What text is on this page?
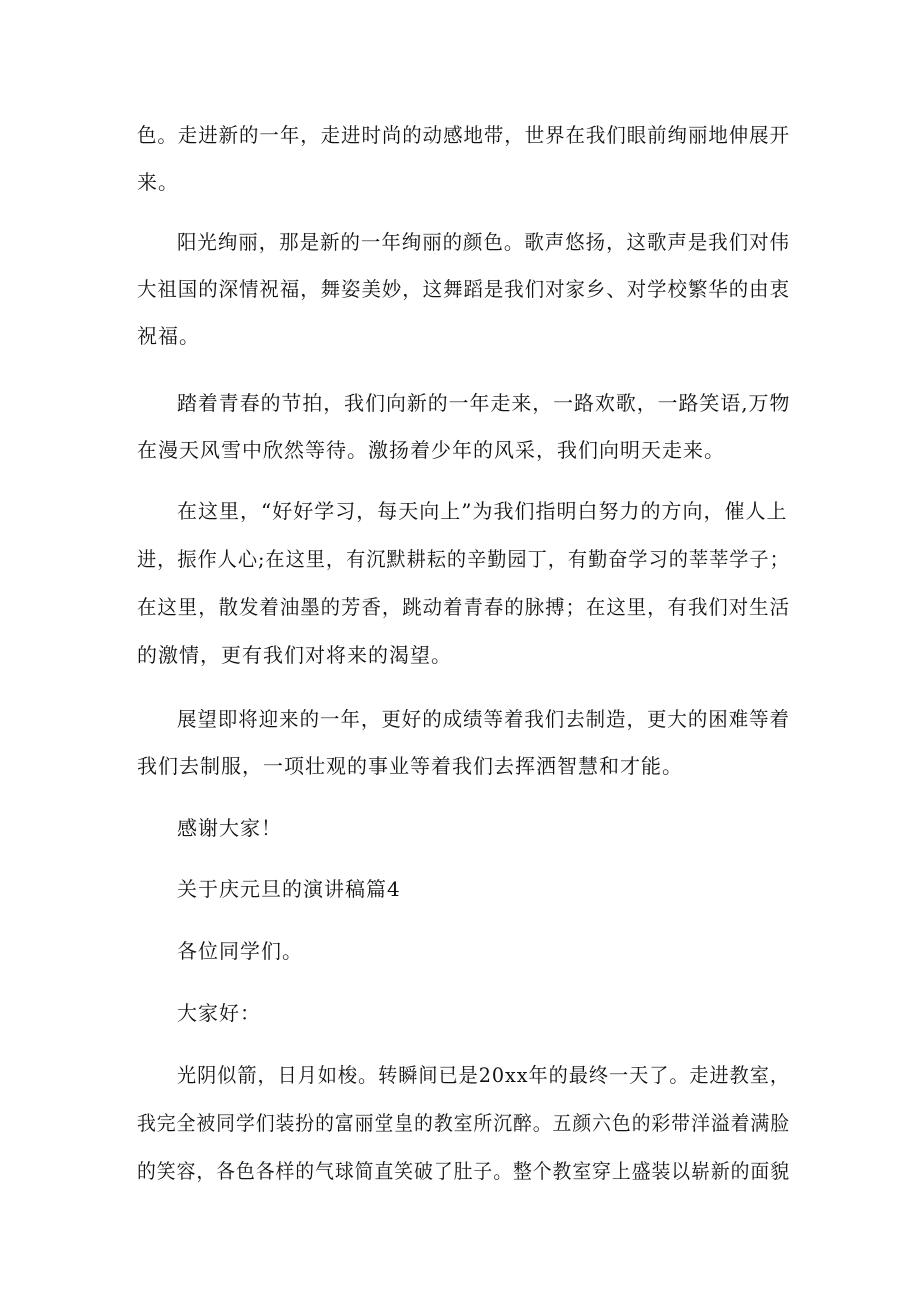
色。走进新的一年，走进时尚的动感地带，世界在我们眼前绚丽地伸展开
来。
阳光绚丽，那是新的一年绚丽的颜色。歌声悠扬，这歌声是我们对伟
大祖国的深情祝福，舞姿美妙，这舞蹈是我们对家乡、对学校繁华的由衷
祝福。
踏着青春的节拍，我们向新的一年走来，一路欢歌，一路笑语,万物
在漫天风雪中欣然等待。激扬着少年的风采，我们向明天走来。
在这里，“好好学习，每天向上”为我们指明白努力的方向，催人上
进，振作人心;在这里，有沉默耕耘的辛勤园丁，有勤奋学习的莘莘学子；
在这里，散发着油墨的芳香，跳动着青春的脉搏；在这里，有我们对生活
的激情，更有我们对将来的渴望。
展望即将迎来的一年，更好的成绩等着我们去制造，更大的困难等着
我们去制服，一项壮观的事业等着我们去挥洒智慧和才能。
感谢大家！
关于庆元旦的演讲稿篇4
各位同学们。
大家好：
光阴似箭，日月如梭。转瞬间已是20xx年的最终一天了。走进教室，
我完全被同学们装扮的富丽堂皇的教室所沉醉。五颜六色的彩带洋溢着满脸
的笑容，各色各样的气球简直笑破了肚子。整个教室穿上盛装以崭新的面貌
